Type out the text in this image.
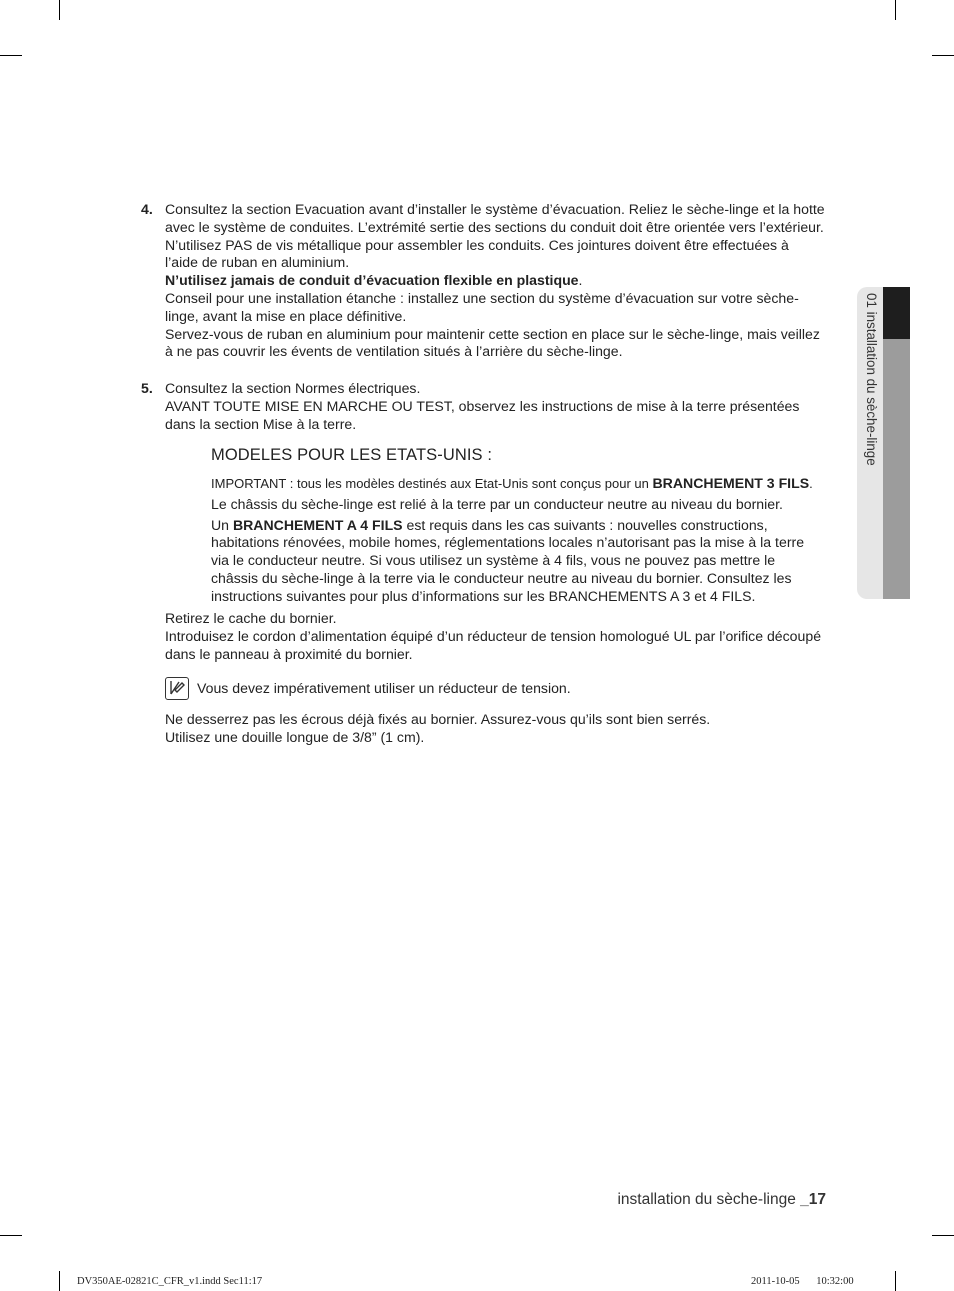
4. Consultez la section Evacuation avant d’installer le système d’évacuation. Reliez le sèche-linge et la hotte avec le système de conduites. L’extrémité sertie des sections du conduit doit être orientée vers l’extérieur.

N’utilisez PAS de vis métallique pour assembler les conduits. Ces jointures doivent être effectuées à l’aide de ruban en aluminium.

N’utilisez jamais de conduit d’évacuation flexible en plastique.

Conseil pour une installation étanche : installez une section du système d’évacuation sur votre sèche-linge, avant la mise en place définitive.

Servez-vous de ruban en aluminium pour maintenir cette section en place sur le sèche-linge, mais veillez à ne pas couvrir les évents de ventilation situés à l’arrière du sèche-linge.

5. Consultez la section Normes électriques.

AVANT TOUTE MISE EN MARCHE OU TEST, observez les instructions de mise à la terre présentées dans la section Mise à la terre.

MODELES POUR LES ETATS-UNIS :

IMPORTANT : tous les modèles destinés aux Etat-Unis sont conçus pour un BRANCHEMENT 3 FILS.

Le châssis du sèche-linge est relié à la terre par un conducteur neutre au niveau du bornier.

Un BRANCHEMENT A 4 FILS est requis dans les cas suivants : nouvelles constructions, habitations rénovées, mobile homes, réglementations locales n’autorisant pas la mise à la terre via le conducteur neutre. Si vous utilisez un système à 4 fils, vous ne pouvez pas mettre le châssis du sèche-linge à la terre via le conducteur neutre au niveau du bornier. Consultez les instructions suivantes pour plus d’informations sur les BRANCHEMENTS A 3 et 4 FILS.

Retirez le cache du bornier.

Introduisez le cordon d’alimentation équipé d’un réducteur de tension homologué UL par l’orifice découpé dans le panneau à proximité du bornier.

Vous devez impérativement utiliser un réducteur de tension.

Ne desserrez pas les écrous déjà fixés au bornier. Assurez-vous qu’ils sont bien serrés.

Utilisez une douille longue de 3/8” (1 cm).

01 installation du sèche-linge
installation du sèche-linge _17
DV350AE-02821C_CFR_v1.indd Sec11:17	2011-10-05 10:32:00
